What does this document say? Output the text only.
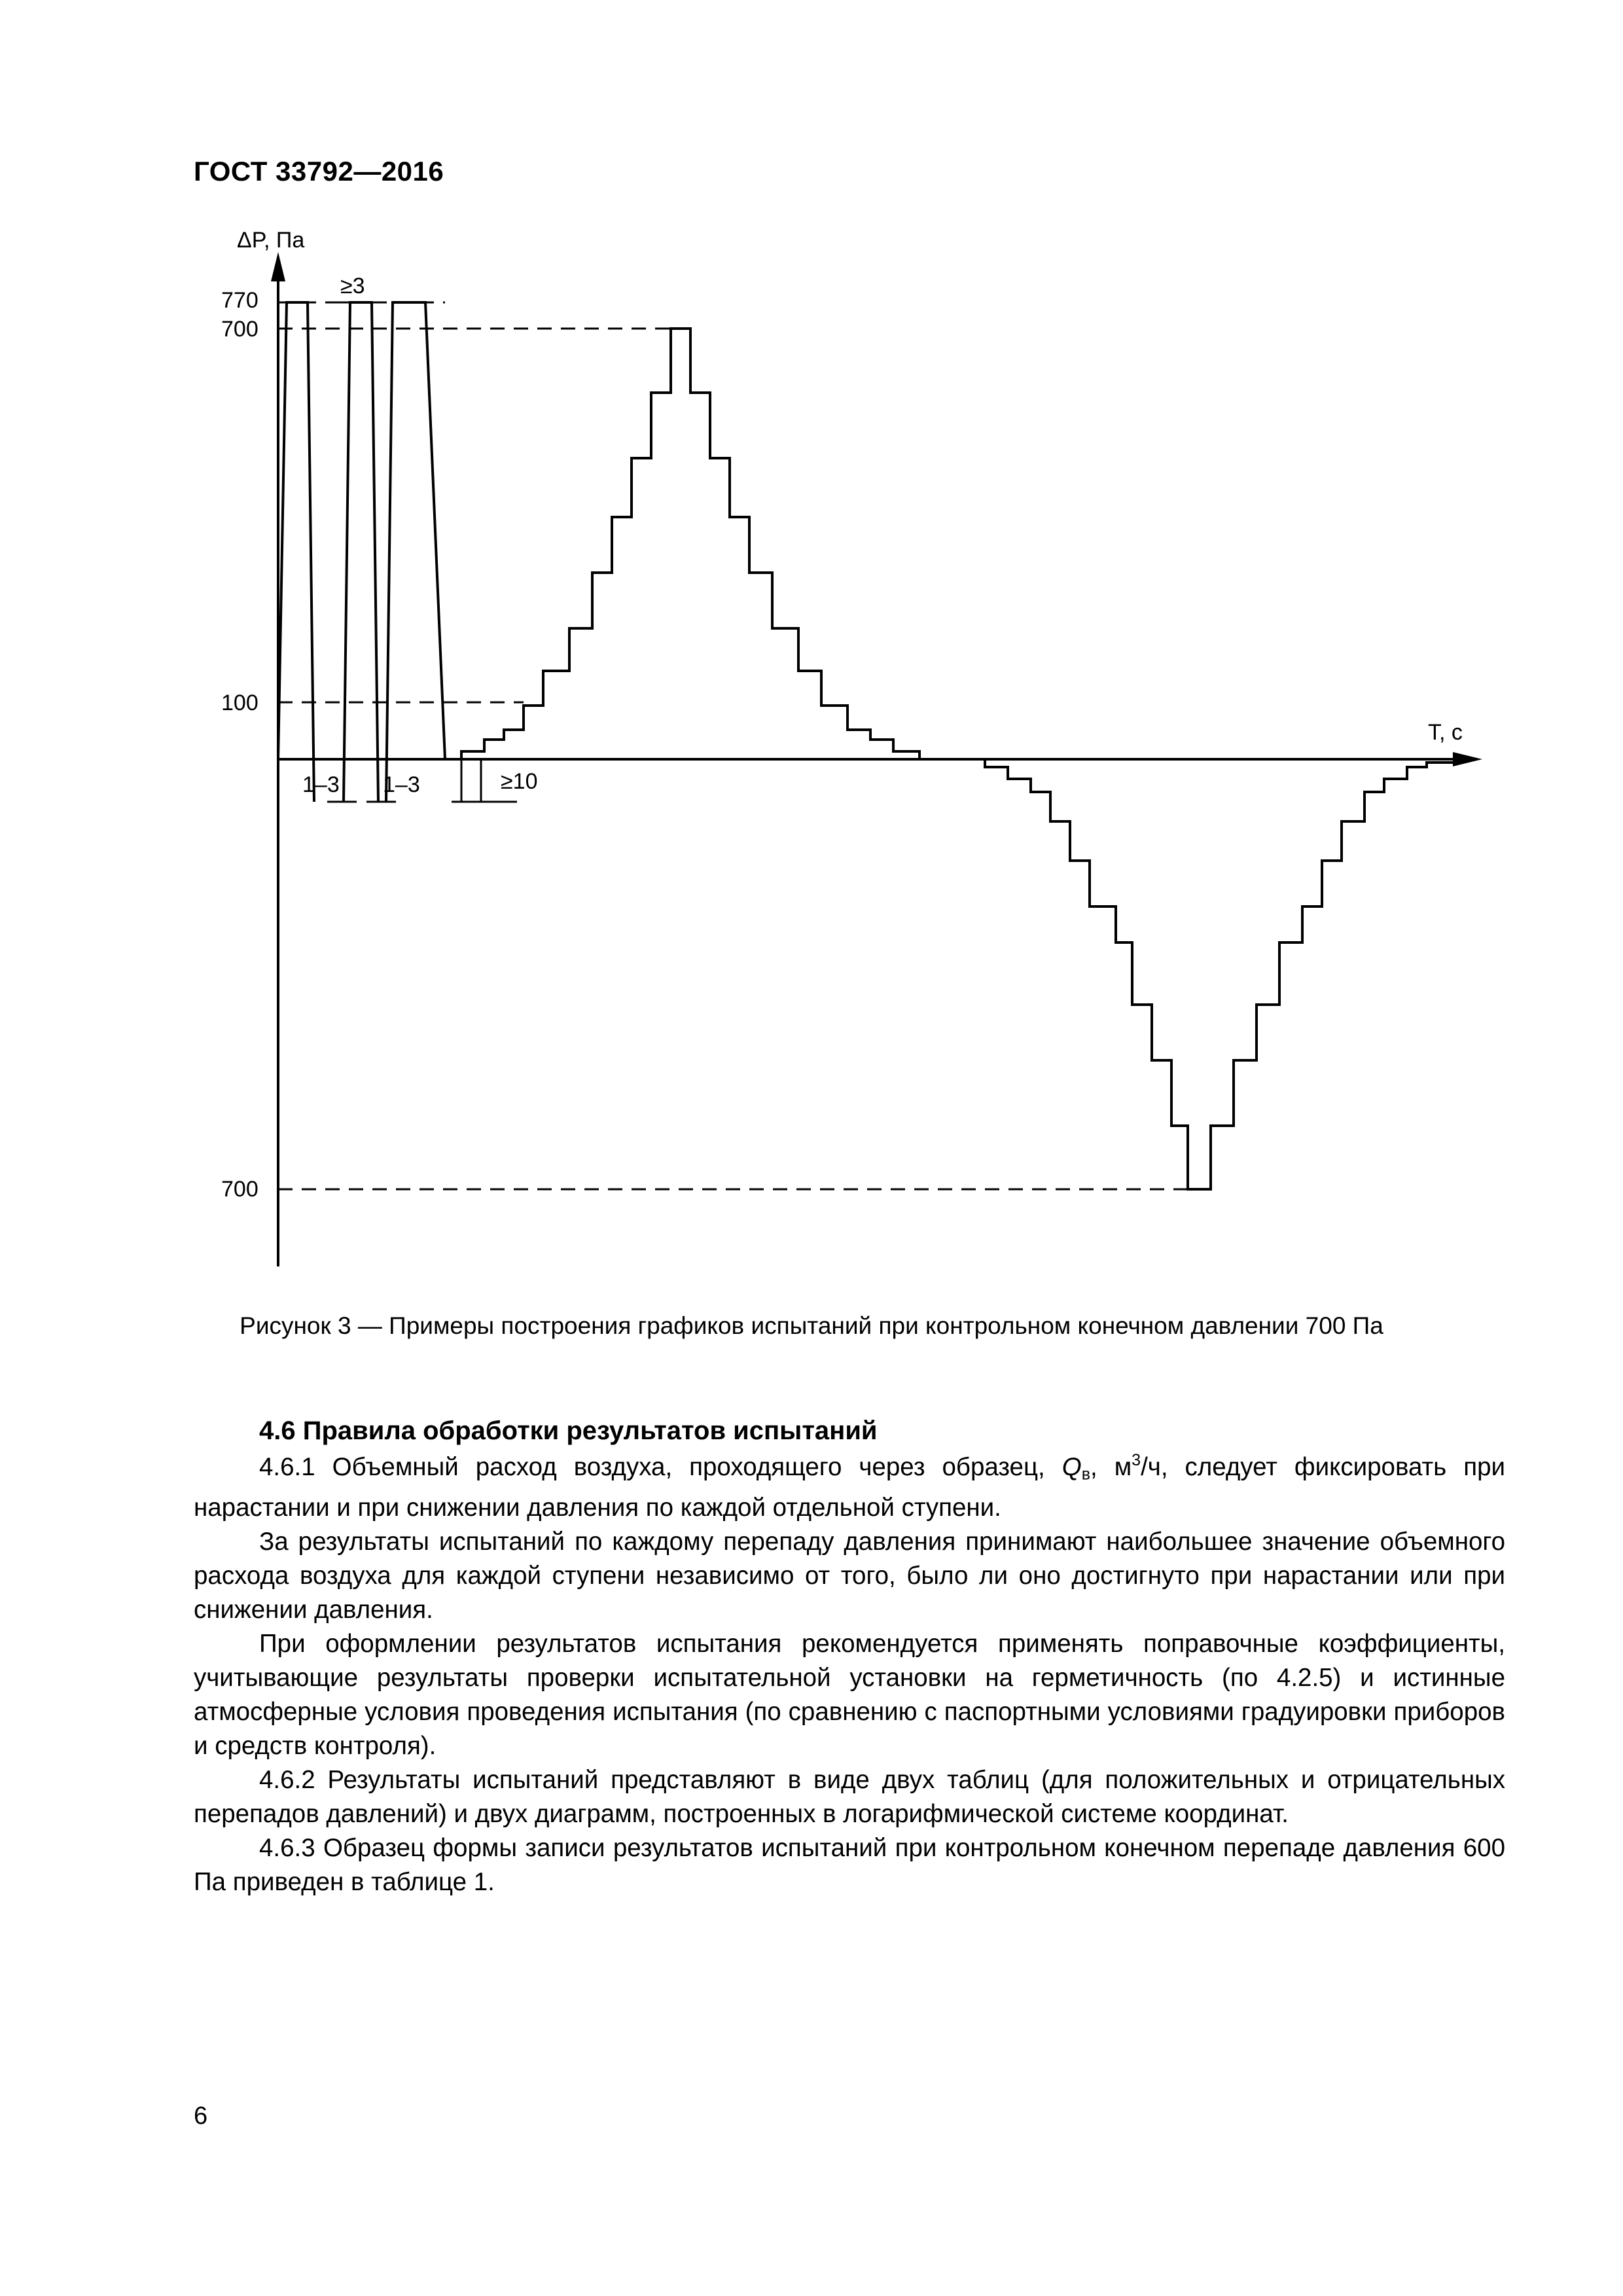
ГОСТ 33792—2016
ΔP, Па
T, с
770
700
100
700
≥3
1–3 1–3	≥10
Рисунок 3 — Примеры построения графиков испытаний при контрольном конечном давлении 700 Па
4.6 Правила обработки результатов испытаний

4.6.1 Объемный расход воздуха, проходящего через образец, $Q_в$, $м^3/ч$, следует фиксировать при нарастании и при снижении давления по каждой отдельной ступени.

За результаты испытаний по каждому перепаду давления принимают наибольшее значение объемного расхода воздуха для каждой ступени независимо от того, было ли оно достигнуто при нарастании или при снижении давления.

При оформлении результатов испытания рекомендуется применять поправочные коэффициенты, учитывающие результаты проверки испытательной установки на герметичность (по 4.2.5) и истинные атмосферные условия проведения испытания (по сравнению с паспортными условиями градуировки приборов и средств контроля).

4.6.2 Результаты испытаний представляют в виде двух таблиц (для положительных и отрицательных перепадов давлений) и двух диаграмм, построенных в логарифмической системе координат.

4.6.3 Образец формы записи результатов испытаний при контрольном конечном перепаде давления 600 Па приведен в таблице 1.

6
